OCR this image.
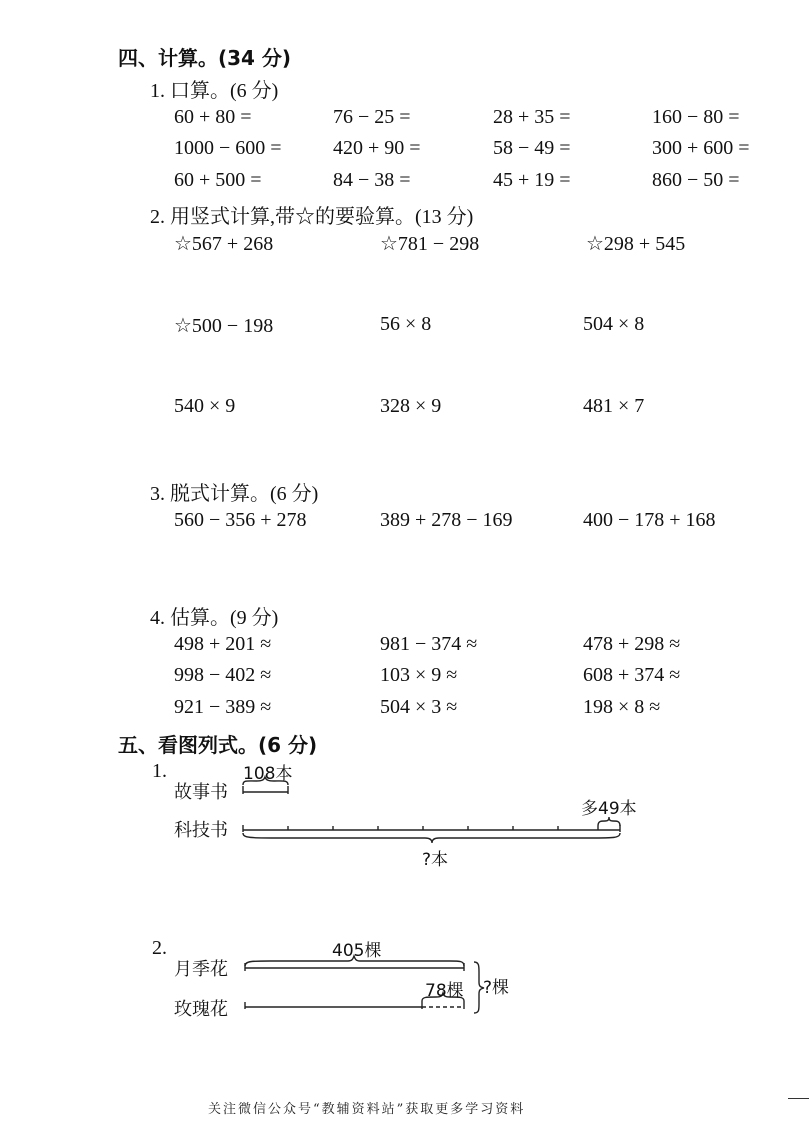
四、计算。(34 分)
1. 口算。(6 分)
60 + 80 =	76 − 25 =	28 + 35 =	160 − 80 =
1000 − 600 =	420 + 90 =	58 − 49 =	300 + 600 =
60 + 500 =	84 − 38 =	45 + 19 =	860 − 50 =
2. 用竖式计算,带☆的要验算。(13 分)
☆567 + 268	☆781 − 298	☆298 + 545
☆500 − 198	56 × 8	504 × 8
540 × 9	328 × 9	481 × 7
3. 脱式计算。(6 分)
560 − 356 + 278	389 + 278 − 169	400 − 178 + 168
4. 估算。(9 分)
498 + 201 ≈	981 − 374 ≈	478 + 298 ≈
998 − 402 ≈	103 × 9 ≈	608 + 374 ≈
921 − 389 ≈	504 × 3 ≈	198 × 8 ≈
五、看图列式。(6 分)
1.	108本
故事书
多49本
科技书
?本
2.	405棵
月季花
78棵 ?棵
玫瑰花
关注微信公众号“教辅资料站”获取更多学习资料
